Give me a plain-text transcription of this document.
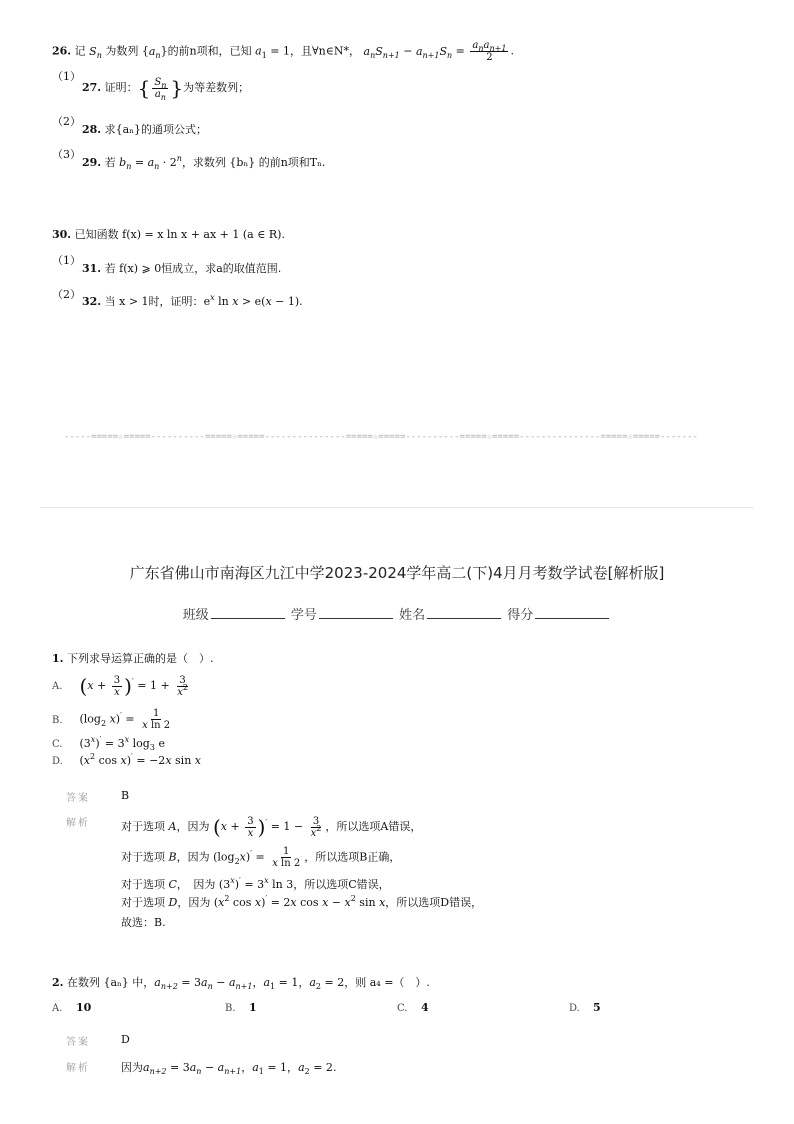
26. 记 $S_n$ 为数列 $\{a_n\}$的前n项和，已知 $a_1 = 1$，且∀n∈N*， $a_nS_{n+1} - a_{n+1}S_n = \frac{a_na_{n+1}}{2}$ .
（1）
27. 证明：{ $\frac{S_n}{a_n}$ }为等差数列；
（2）
28. 求{aₙ}的通项公式；
（3）
29. 若 $b_n = a_n \cdot 2^n$，求数列 {bₙ} 的前n项和Tₙ.
30. 已知函数 f(x) = x ln x + ax + 1 (a ∈ R).
（1）
31. 若 f(x) ⩾ 0恒成立，求a的取值范围.
（2）
32. 当 x > 1时，证明：$e^x$ ln x > e(x − 1).
-----=====☆=====----------=====☆=====---------------=====☆=====----------=====☆=====---------------=====☆=====-------
广东省佛山市南海区九江中学2023-2024学年高二(下)4月月考数学试卷[解析版]
班级	学号	姓名	得分
1. 下列求导运算正确的是（　）.
A. $(x + \frac{3}{x} )' = 1 + \frac{3}{x^2}$
B. ($\log_2$ $x)' = \frac{1}{\text{x ln 2}}$
C. $(3^x)' = 3^x$ $\log_3 e$
D. ($x^2$ cos x)′ = −2x sin x
答案	B
解析	对于选项 A，因为 $(x + \frac{3}{x} )' = 1 - \frac{3}{x^2}$ ，所以选项A错误，
对于选项 B，因为 $(\log_2x)' = \frac{1}{\text{x ln 2}}$ ，所以选项B正确，
对于选项 C，　因为 $(3^x)' = 3^x$ ln 3，所以选项C错误，
对于选项 D，因为 ($x^2$ cos x)′ = 2x $\cos x - x^2$ sin x，所以选项D错误，
故选：B.
2. 在数列 {aₙ} 中，$a_{n+2} = 3a_n - a_{n+1}$，$a_1 = 1$，$a_2 = 2$，则 a₄ =（　）.
A. 10	B. 1	C. 4	D. 5
答案	D
解析	因为$a_{n+2} = 3a_n - a_{n+1}$，$a_1 = 1$，$a_2 = 2$.
